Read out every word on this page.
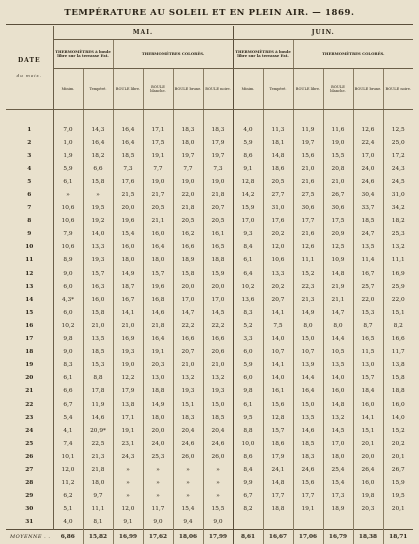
TEMPÉRATURE AU SOLEIL ET EN PLEIN AIR. — 1869.
DATE
du mois.	MAI.						JUIN.					
	THERMOMÈTRES à boule libre sur la terrasse Est.		THERMOMÈTRES COLORÉS.				THERMOMÈTRES à boule libre sur la terrasse Est.		THERMOMÈTRES COLORÉS.			
	Minim.	Tempéré.	BOULE libre.	BOULE blanche.	BOULE brune.	BOULE noire.	Minim.	Tempéré.	BOULE libre.	BOULE blanche.	BOULE brune.	BOULE noire.

1	7,0	14,3	16,4	17,1	18,3	18,3	4,0	11,3	11,9	11,6	12,6	12,5
2	1,0	16,4	16,4	17,5	18,0	17,9	5,9	18,1	19,7	19,0	22,4	25,0
3	1,9	18,2	18,5	19,1	19,7	19,7	8,6	14,8	15,6	15,5	17,0	17,2
4	5,9	6,6	7,3	7,7	7,7	7,3	9,1	18,6	21,0	20,8	24,0	24,3
5	6,1	15,8	17,6	19,0	19,0	19,0	12,8	20,5	21,6	21,0	24,6	24,5
6	»	»	21,5	21,7	22,0	21,8	14,2	27,7	27,5	26,7	30,4	31,0
7	10,6	19,5	20,0	20,5	21,8	20,7	15,9	31,0	30,6	30,6	33,7	34,2
8	10,6	19,2	19,6	21,1	20,5	20,5	17,0	17,6	17,7	17,5	18,5	18,2
9	7,9	14,0	15,4	16,0	16,2	16,1	9,3	20,2	21,6	20,9	24,7	25,3
10	10,6	13,3	16,0	16,4	16,6	16,5	8,4	12,0	12,6	12,5	13,5	13,2
11	8,9	19,3	18,0	18,0	18,9	18,8	6,1	10,6	11,1	10,9	11,4	11,1
12	9,0	15,7	14,9	15,7	15,8	15,9	6,4	13,3	15,2	14,8	16,7	16,9
13	6,0	16,3	18,7	19,6	20,0	20,0	10,2	20,2	22,3	21,9	25,7	25,9
14	4,3*	16,0	16,7	16,8	17,0	17,0	13,6	20,7	21,3	21,1	22,0	22,0
15	6,0	15,8	14,1	14,6	14,7	14,5	8,3	14,1	14,9	14,7	15,3	15,1
16	10,2	21,0	21,0	21,8	22,2	22,2	5,2	7,5	8,0	8,0	8,7	8,2
17	9,8	13,5	16,9	16,4	16,6	16,6	3,3	14,0	15,0	14,4	16,5	16,6
18	9,0	18,5	19,3	19,1	20,7	20,6	6,0	10,7	10,7	10,5	11,5	11,7
19	8,3	15,3	19,0	20,3	21,0	21,0	5,9	14,1	13,9	13,5	13,0	13,8
20	6,1	8,8	12,2	13,0	13,2	13,2	6,0	14,0	14,4	14,0	15,7	15,8
21	6,6	17,8	17,9	18,8	19,3	19,3	9,8	16,1	16,4	16,0	18,4	18,8
22	6,7	11,9	13,8	14,9	15,1	15,0	6,1	15,6	15,0	14,8	16,0	16,0
23	5,4	14,6	17,1	18,0	18,3	18,5	9,5	12,8	13,5	13,2	14,1	14,0
24	4,1	20,9*	19,1	20,0	20,4	20,4	8,8	15,7	14,6	14,5	15,1	15,2
25	7,4	22,5	23,1	24,0	24,6	24,6	10,0	18,6	18,5	17,0	20,1	20,2
26	10,1	21,3	24,3	25,3	26,0	26,0	8,6	17,9	18,3	18,0	20,0	20,1
27	12,0	21,8	»	»	»	»	8,4	24,1	24,6	25,4	26,4	26,7
28	11,2	18,0	»	»	»	»	9,9	14,8	15,6	15,4	16,0	15,9
29	6,2	9,7	»	»	»	»	6,7	17,7	17,7	17,3	19,8	19,5
30	5,1	11,1	12,0	11,7	15,4	15,5	8,2	18,8	19,1	18,9	20,3	20,1
31	4,0	8,1	9,1	9,0	9,4	9,0						
MOYENNE . .	6,86	15,82	16,99	17,62	18,06	17,99	8,61	16,67	17,06	16,79	18,38	18,71
